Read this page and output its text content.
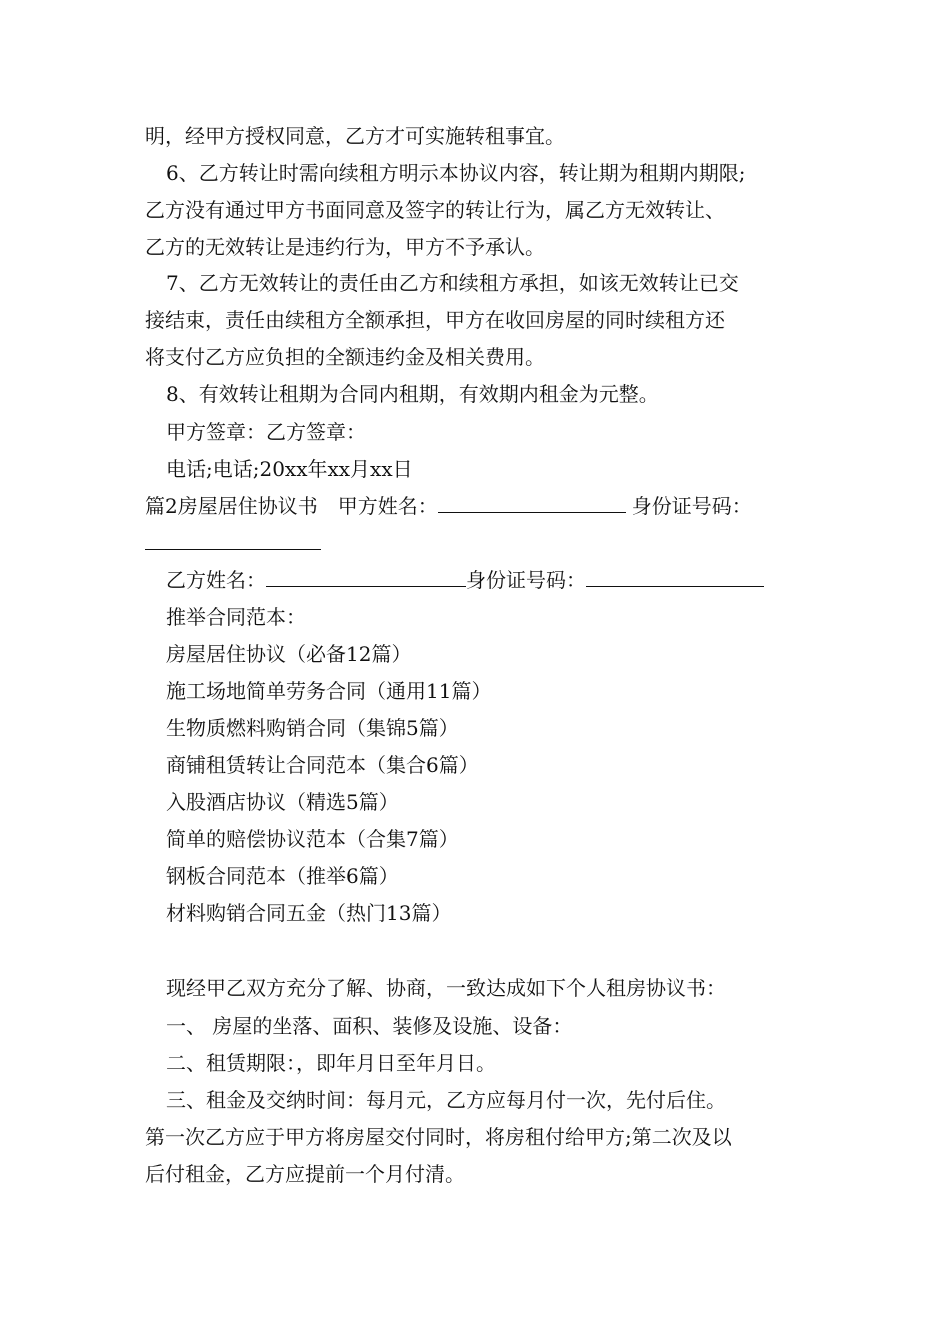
明，经甲方授权同意，乙方才可实施转租事宜。
6、乙方转让时需向续租方明示本协议内容，转让期为租期内期限;
乙方没有通过甲方书面同意及签字的转让行为，属乙方无效转让、
乙方的无效转让是违约行为，甲方不予承认。
7、乙方无效转让的责任由乙方和续租方承担，如该无效转让已交
接结束，责任由续租方全额承担，甲方在收回房屋的同时续租方还
将支付乙方应负担的全额违约金及相关费用。
8、有效转让租期为合同内租期，有效期内租金为元整。
甲方签章：乙方签章：
电话;电话;20xx年xx月xx日
篇2房屋居住协议书 甲方姓名：	身份证号码：
乙方姓名：	身份证号码：
推举合同范本：
房屋居住协议（必备12篇）
施工场地简单劳务合同（通用11篇）
生物质燃料购销合同（集锦5篇）
商铺租赁转让合同范本（集合6篇）
入股酒店协议（精选5篇）
简单的赔偿协议范本（合集7篇）
钢板合同范本（推举6篇）
材料购销合同五金（热门13篇）
现经甲乙双方充分了解、协商，一致达成如下个人租房协议书：
一、 房屋的坐落、面积、装修及设施、设备：
二、租赁期限：，即年月日至年月日。
三、租金及交纳时间：每月元，乙方应每月付一次，先付后住。
第一次乙方应于甲方将房屋交付同时，将房租付给甲方;第二次及以
后付租金，乙方应提前一个月付清。
